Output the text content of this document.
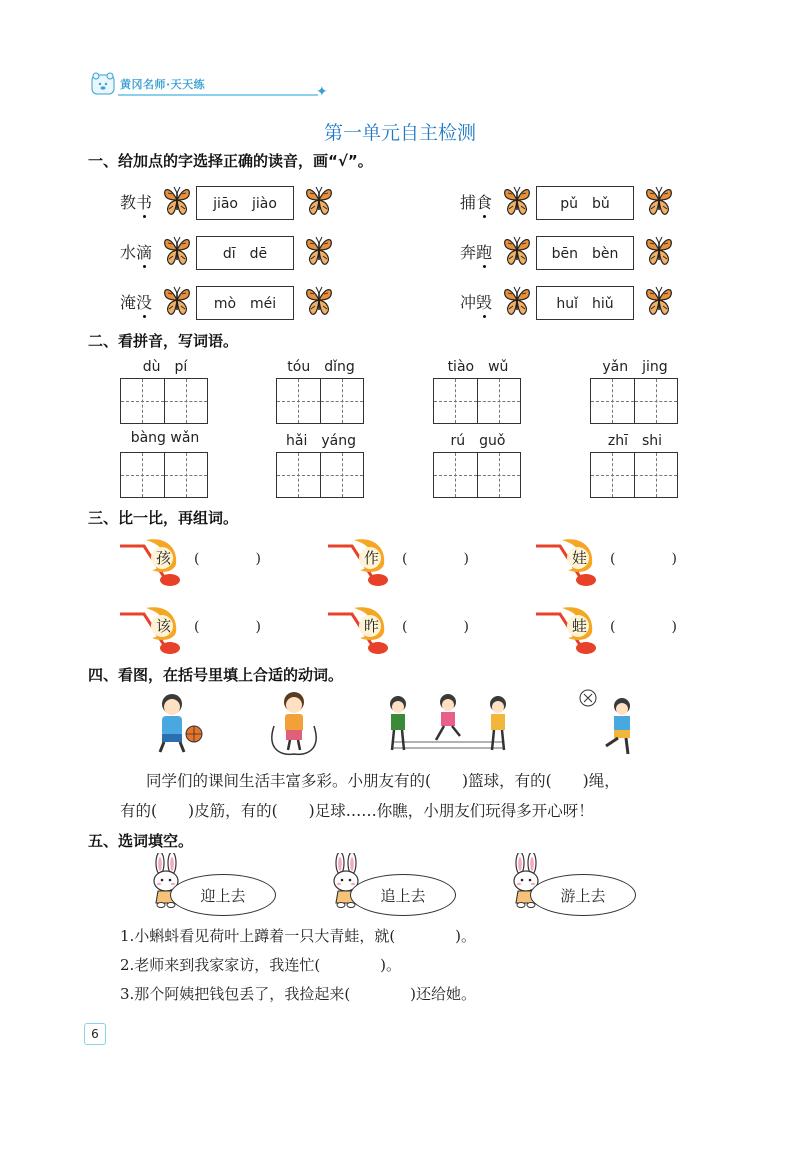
黄冈名师·天天练	✦
第一单元自主检测
一、给加点的字选择正确的读音，画“√”。
教书	jiāo　jiào	捕食	pǔ　bǔ
水滴	dī　dē	奔跑	bēn　bèn
淹没	mò　méi	冲毁	huǐ　hiǔ
二、看拼音，写词语。
dù　pí	tóu　dǐng	tiào　wǔ	yǎn　jing
bàng wǎn	hǎi　yáng	rú　guǒ	zhī　shi
三、比一比，再组词。
孩 (　　　　)	作 (　　　　)	娃 (　　　　)
该 (　　　　)	昨 (　　　　)	蛙 (　　　　)
四、看图，在括号里填上合适的动词。
同学们的课间生活丰富多彩。小朋友有的(　　)篮球，有的(　　)绳，
有的(　　)皮筋，有的(　　)足球……你瞧，小朋友们玩得多开心呀！
五、选词填空。
迎上去	追上去	游上去
1.小蝌蚪看见荷叶上蹲着一只大青蛙，就(　　　　)。
2.老师来到我家家访，我连忙(　　　　)。
3.那个阿姨把钱包丢了，我捡起来(　　　　)还给她。
6
